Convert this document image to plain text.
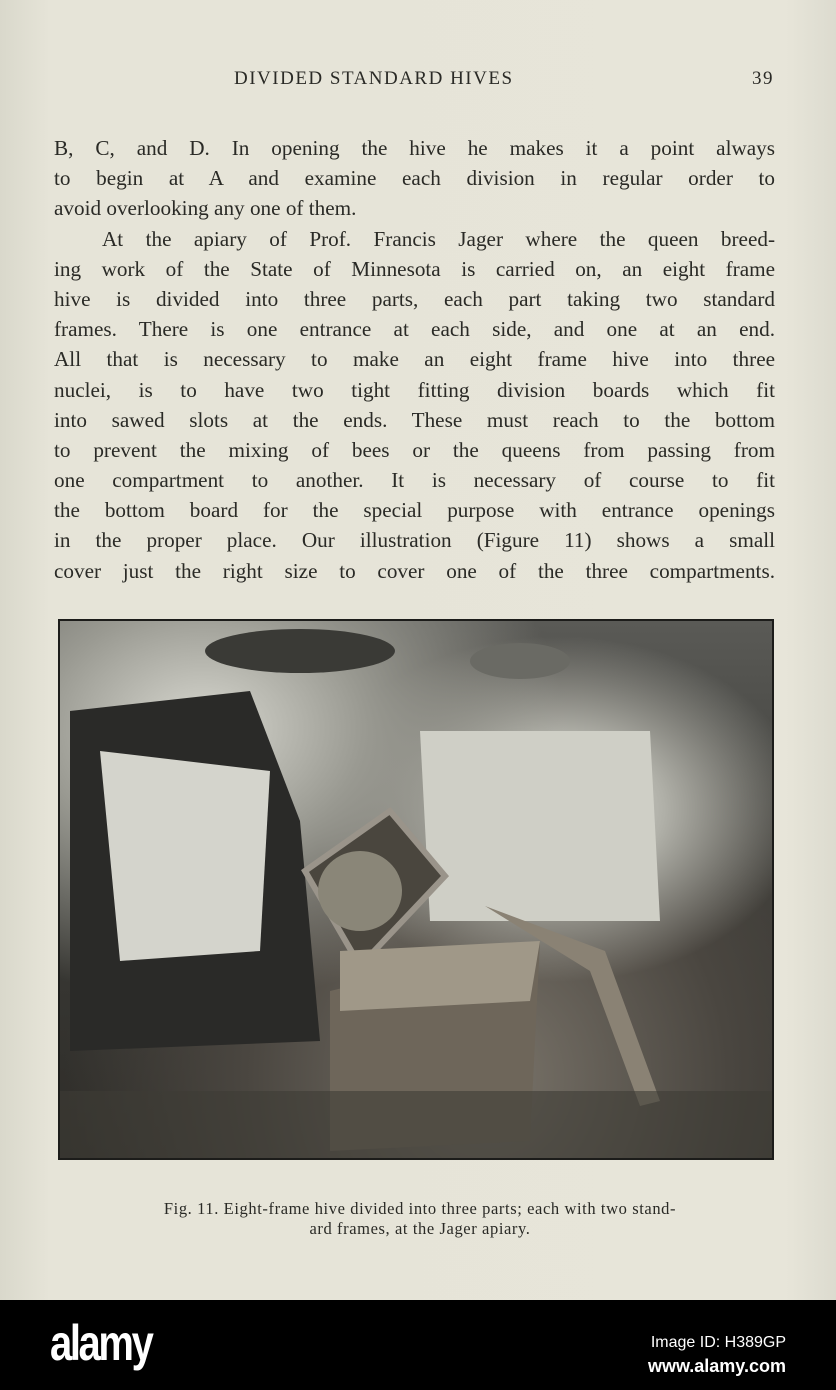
DIVIDED STANDARD HIVES	39
B, C, and D. In opening the hive he makes it a point always
to begin at A and examine each division in regular order to
avoid overlooking any one of them.
At the apiary of Prof. Francis Jager where the queen breed-
ing work of the State of Minnesota is carried on, an eight frame
hive is divided into three parts, each part taking two standard
frames. There is one entrance at each side, and one at an end.
All that is necessary to make an eight frame hive into three
nuclei, is to have two tight fitting division boards which fit
into sawed slots at the ends. These must reach to the bottom
to prevent the mixing of bees or the queens from passing from
one compartment to another. It is necessary of course to fit
the bottom board for the special purpose with entrance openings
in the proper place. Our illustration (Figure 11) shows a small
cover just the right size to cover one of the three compartments.
Fig. 11. Eight-frame hive divided into three parts; each with two stand-
ard frames, at the Jager apiary.
alamy	Image ID: H389GP
www.alamy.com
